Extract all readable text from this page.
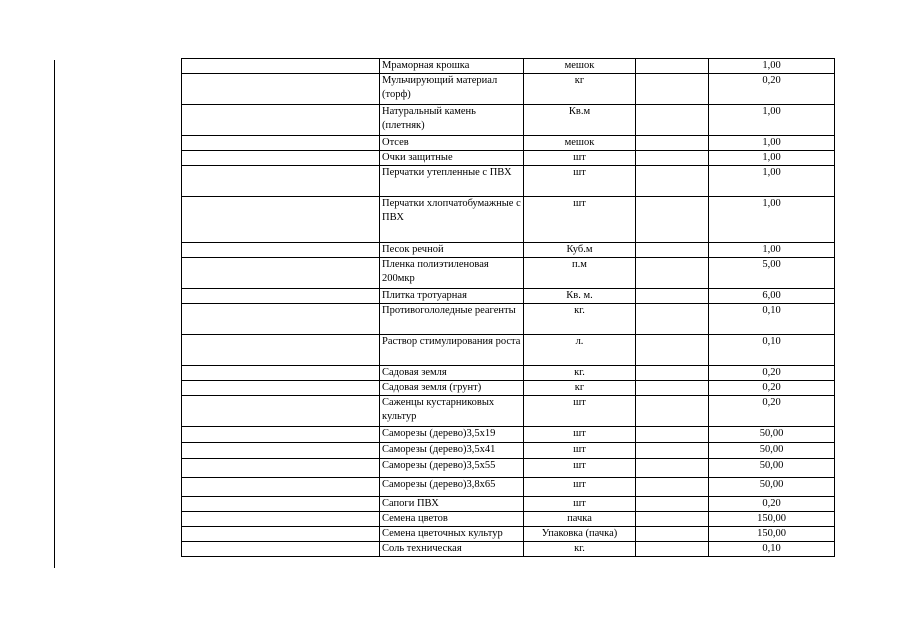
	Мраморная крошка	мешок		1,00
	Мульчирующий материал (торф)	кг		0,20
	Натуральный камень (плетняк)	Кв.м		1,00
	Отсев	мешок		1,00
	Очки защитные	шт		1,00
	Перчатки утепленные с ПВХ	шт		1,00
	Перчатки хлопчатобумажные с ПВХ	шт		1,00
	Песок речной	Куб.м		1,00
	Пленка полиэтиленовая 200мкр	п.м		5,00
	Плитка тротуарная	Кв. м.		6,00
	Противогололедные реагенты	кг.		0,10
	Раствор стимулирования роста	л.		0,10
	Садовая земля	кг.		0,20
	Садовая земля (грунт)	кг		0,20
	Саженцы кустарниковых культур	шт		0,20
	Саморезы (дерево)3,5х19	шт		50,00
	Саморезы (дерево)3,5х41	шт		50,00
	Саморезы (дерево)3,5х55	шт		50,00
	Саморезы (дерево)3,8х65	шт		50,00
	Сапоги ПВХ	шт		0,20
	Семена цветов	пачка		150,00
	Семена цветочных культур	Упаковка (пачка)		150,00
	Соль техническая	кг.		0,10
